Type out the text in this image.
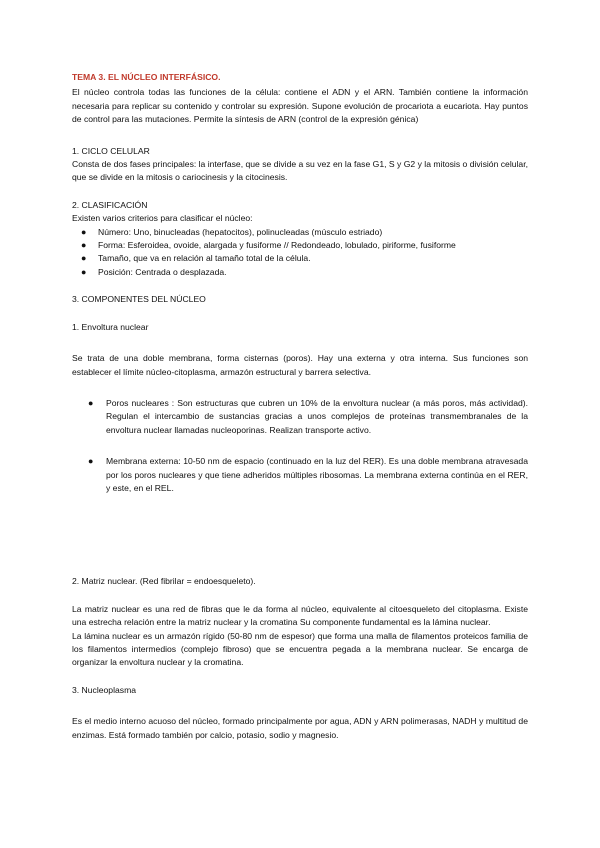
TEMA 3. EL NÚCLEO INTERFÁSICO.

El núcleo controla todas las funciones de la célula: contiene el ADN y el ARN. También contiene la información necesaria para replicar su contenido y controlar su expresión. Supone evolución de procariota a eucariota. Hay puntos de control para las mutaciones. Permite la síntesis de ARN (control de la expresión génica)

1. CICLO CELULAR

Consta de dos fases principales: la interfase, que se divide a su vez en la fase G1, S y G2 y la mitosis o división celular, que se divide en la mitosis o cariocinesis y la citocinesis.

2. CLASIFICACIÓN

Existen varios criterios para clasificar el núcleo:

● Número: Uno, binucleadas (hepatocitos), polinucleadas (músculo estriado)
● Forma: Esferoidea, ovoide, alargada y fusiforme // Redondeado, lobulado, piriforme, fusiforme
● Tamaño, que va en relación al tamaño total de la célula.
● Posición: Centrada o desplazada.

3. COMPONENTES DEL NÚCLEO

1. Envoltura nuclear

Se trata de una doble membrana, forma cisternas (poros). Hay una externa y otra interna. Sus funciones son establecer el límite núcleo-citoplasma, armazón estructural y barrera selectiva.

● Poros nucleares : Son estructuras que cubren un 10% de la envoltura nuclear (a más poros, más actividad). Regulan el intercambio de sustancias gracias a unos complejos de proteínas transmembranales de la envoltura nuclear llamadas nucleoporinas. Realizan transporte activo.
● Membrana externa: 10-50 nm de espacio (continuado en la luz del RER). Es una doble membrana atravesada por los poros nucleares y que tiene adheridos múltiples ribosomas. La membrana externa continúa en el RER, y este, en el REL.

2. Matriz nuclear. (Red fibrilar = endoesqueleto).

La matriz nuclear es una red de fibras que le da forma al núcleo, equivalente al citoesqueleto del citoplasma. Existe una estrecha relación entre la matriz nuclear y la cromatina Su componente fundamental es la lámina nuclear.

La lámina nuclear es un armazón rígido (50-80 nm de espesor) que forma una malla de filamentos proteicos familia de los filamentos intermedios (complejo fibroso) que se encuentra pegada a la membrana nuclear. Se encarga de organizar la envoltura nuclear y la cromatina.

3. Nucleoplasma

Es el medio interno acuoso del núcleo, formado principalmente por agua, ADN y ARN polimerasas, NADH y multitud de enzimas. Está formado también por calcio, potasio, sodio y magnesio.
